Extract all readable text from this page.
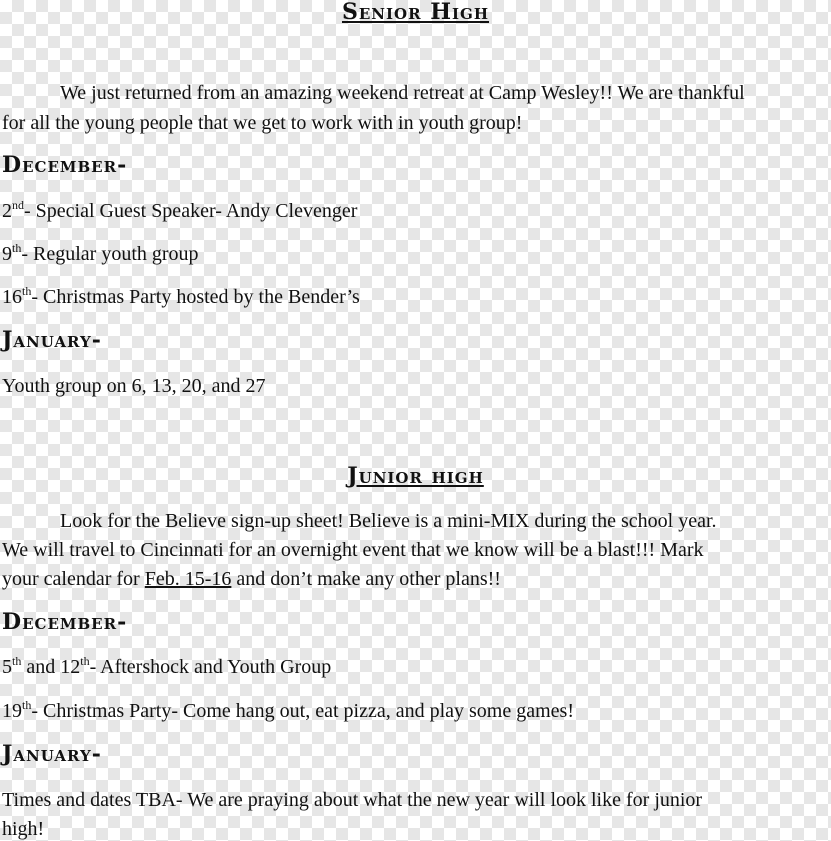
Senior High

We just returned from an amazing weekend retreat at Camp Wesley!! We are thankful

for all the young people that we get to work with in youth group!

December-

2nd- Special Guest Speaker- Andy Clevenger

9th- Regular youth group

16th- Christmas Party hosted by the Bender’s

January-

Youth group on 6, 13, 20, and 27

Junior high

Look for the Believe sign-up sheet! Believe is a mini-MIX during the school year.

We will travel to Cincinnati for an overnight event that we know will be a blast!!! Mark

your calendar for Feb. 15-16 and don’t make any other plans!!

December-

5th and 12th- Aftershock and Youth Group

19th- Christmas Party- Come hang out, eat pizza, and play some games!

January-

Times and dates TBA- We are praying about what the new year will look like for junior

high!
